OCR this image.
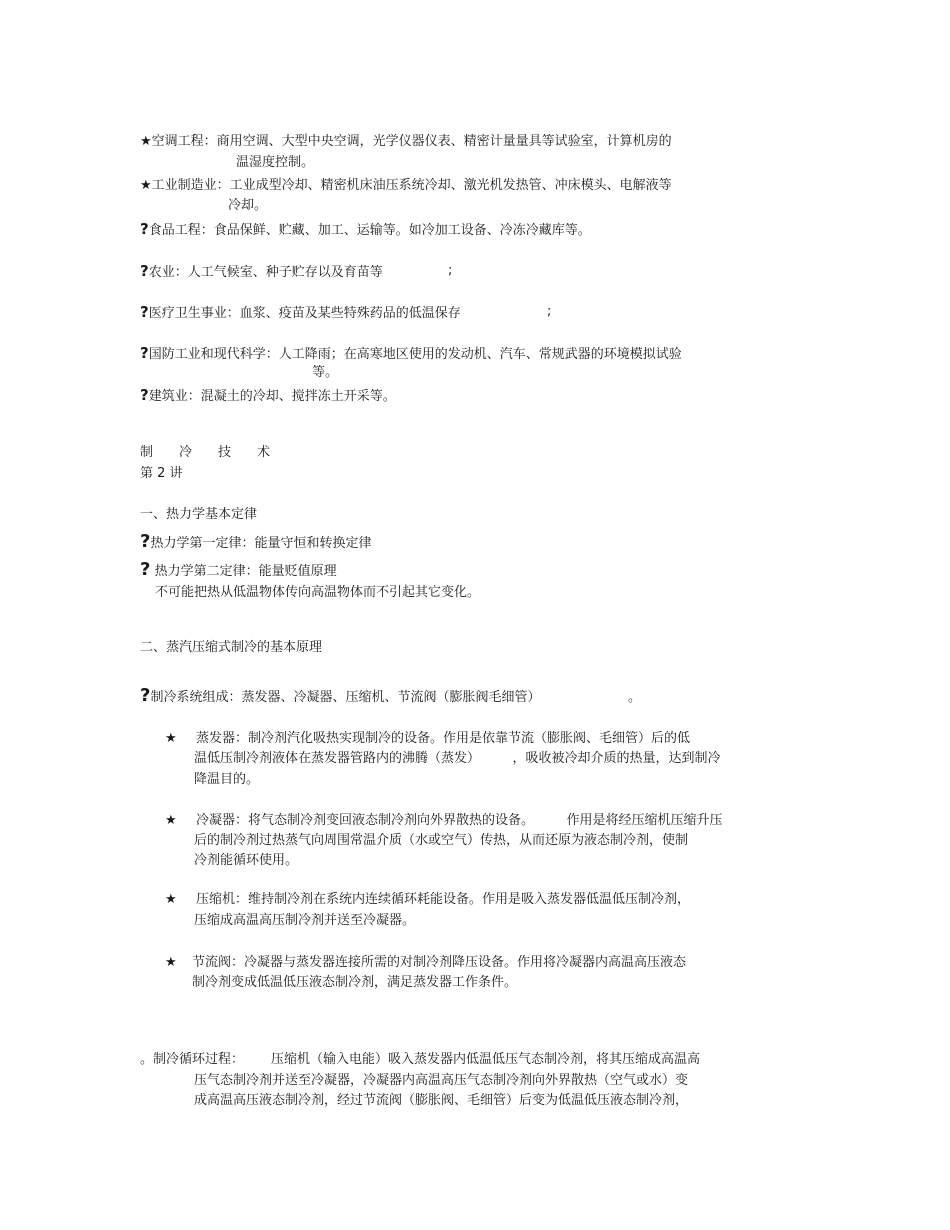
★空调工程：商用空调、大型中央空调，光学仪器仪表、精密计量量具等试验室，计算机房的
温湿度控制。
★工业制造业：工业成型冷却、精密机床油压系统冷却、激光机发热管、冲床模头、电解液等
冷却。
?食品工程：食品保鲜、贮藏、加工、运输等。如冷加工设备、冷冻冷藏库等。
?农业：人工气候室、种子贮存以及育苗等	;
?医疗卫生事业：血浆、疫苗及某些特殊药品的低温保存	;
?国防工业和现代科学：人工降雨；在高寒地区使用的发动机、汽车、常规武器的环境模拟试验
等。
?建筑业：混凝土的冷却、搅拌冻土开采等。
制　　冷　　技　　术
第 2 讲
一、热力学基本定律
?热力学第一定律：能量守恒和转换定律
? 热力学第二定律：能量贬值原理
不可能把热从低温物体传向高温物体而不引起其它变化。
二、蒸汽压缩式制冷的基本原理
?制冷系统组成：蒸发器、冷凝器、压缩机、节流阀（膨胀阀毛细管）	。
★ 蒸发器：制冷剂汽化吸热实现制冷的设备。作用是依靠节流（膨胀阀、毛细管）后的低
温低压制冷剂液体在蒸发器管路内的沸腾（蒸发）　　　，吸收被冷却介质的热量，达到制冷
降温目的。
★ 冷凝器：将气态制冷剂变回液态制冷剂向外界散热的设备。　　　作用是将经压缩机压缩升压
后的制冷剂过热蒸气向周围常温介质（水或空气）传热，从而还原为液态制冷剂，使制
冷剂能循环使用。
★ 压缩机：维持制冷剂在系统内连续循环耗能设备。作用是吸入蒸发器低温低压制冷剂，
压缩成高温高压制冷剂并送至冷凝器。
★ 节流阀：冷凝器与蒸发器连接所需的对制冷剂降压设备。作用将冷凝器内高温高压液态
制冷剂变成低温低压液态制冷剂，满足蒸发器工作条件。
。制冷循环过程： 压缩机（输入电能）吸入蒸发器内低温低压气态制冷剂，将其压缩成高温高
压气态制冷剂并送至冷凝器，冷凝器内高温高压气态制冷剂向外界散热（空气或水）变
成高温高压液态制冷剂，经过节流阀（膨胀阀、毛细管）后变为低温低压液态制冷剂，
